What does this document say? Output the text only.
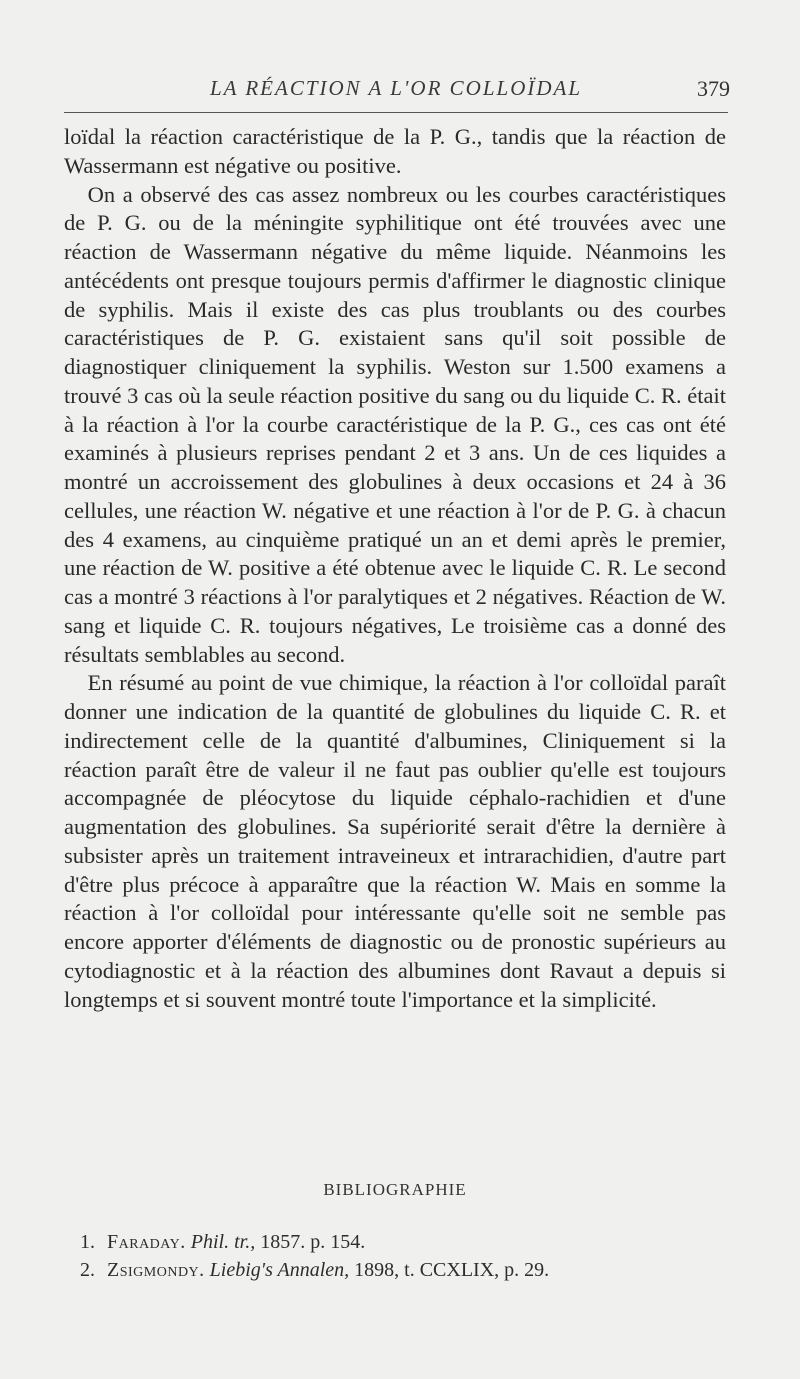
LA RÉACTION A L'OR COLLOÏDAL	379

loïdal la réaction caractéristique de la P. G., tandis que la réaction de Wassermann est négative ou positive.

On a observé des cas assez nombreux ou les courbes caractéristiques de P. G. ou de la méningite syphilitique ont été trouvées avec une réaction de Wassermann négative du même liquide. Néanmoins les antécédents ont presque toujours permis d'affirmer le diagnostic clinique de syphilis. Mais il existe des cas plus troublants ou des courbes caractéristiques de P. G. existaient sans qu'il soit possible de diagnostiquer cliniquement la syphilis. Weston sur 1.500 examens a trouvé 3 cas où la seule réaction positive du sang ou du liquide C. R. était à la réaction à l'or la courbe caractéristique de la P. G., ces cas ont été examinés à plusieurs reprises pendant 2 et 3 ans. Un de ces liquides a montré un accroissement des globulines à deux occasions et 24 à 36 cellules, une réaction W. négative et une réaction à l'or de P. G. à chacun des 4 examens, au cinquième pratiqué un an et demi après le premier, une réaction de W. positive a été obtenue avec le liquide C. R. Le second cas a montré 3 réactions à l'or paralytiques et 2 négatives. Réaction de W. sang et liquide C. R. toujours négatives, Le troisième cas a donné des résultats semblables au second.

En résumé au point de vue chimique, la réaction à l'or colloïdal paraît donner une indication de la quantité de globulines du liquide C. R. et indirectement celle de la quantité d'albumines, Cliniquement si la réaction paraît être de valeur il ne faut pas oublier qu'elle est toujours accompagnée de pléocytose du liquide céphalo-rachidien et d'une augmentation des globulines. Sa supériorité serait d'être la dernière à subsister après un traitement intraveineux et intrarachidien, d'autre part d'être plus précoce à apparaître que la réaction W. Mais en somme la réaction à l'or colloïdal pour intéressante qu'elle soit ne semble pas encore apporter d'éléments de diagnostic ou de pronostic supérieurs au cytodiagnostic et à la réaction des albumines dont Ravaut a depuis si longtemps et si souvent montré toute l'importance et la simplicité.

BIBLIOGRAPHIE
1. Faraday. Phil. tr., 1857. p. 154.
2. Zsigmondy. Liebig's Annalen, 1898, t. CCXLIX, p. 29.
